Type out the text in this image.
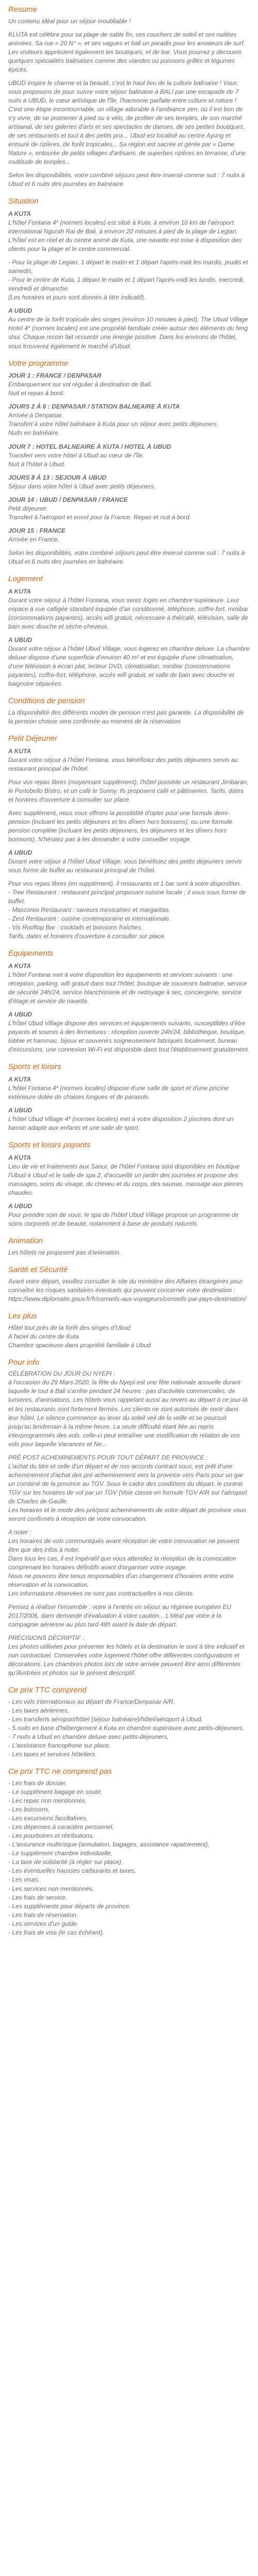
Resume

Un contenu idéal pour un séjour inoubliable !

KLUTA est célèbre pour sa plage de sable fin, ses couchers de soleil et ses nuitées animées. Sa rue « 20 N° », et ses vagues et bali un paradis pour les amateurs de surf. Les visiteurs apprécient également les boutiques, et de bar. Vous pourrez y découvrir quelques spécialités balinaises comme des viandes ou poissons grillés et légumes épicés.

UBUD inspire le charme et la beauté, c'est le haut lieu de la culture balinaise ! Vous vous proposons de pour suivre votre séjour balinaise à BALI par une escapade de 7 nuits à UBUD, le cœur artistique de l'île, l'harmonie parfaite entre culture et nature ! C'est une étape incontournable, un village adorable à l'ambiance zen, où il est bon de s'y vivre, de se promener à pied ou à vélo, de profiter de ses temples, de son marché artisanal, de ses galeries d'arts et ses spectacles de danses, de ses petites boutiques, de ses restaurants et tout à des petits prix... Ubud est localisé au centre Ayung et entouré de rizières, de forêt tropicales... Sa région est sacrée et gérée par « Dame Nature », entourée de petits villages d'artisans, de superbes rizières en terrasse, d'une multitude de temples...

Selon les disponibilités, votre combiné séjours peut être inversé comme suit : 7 nuits à Ubud et 6 nuits des journées en balnéaire.

Situation
A KUTA

L'hôtel Fontana 4* (normes locales) est situé à Kuta, à environ 10 km de l'aéroport international Ngurah Rai de Bali, à environ 20 minutes à pied de la plage de Legian. L'hôtel est en réel et du centre animé de Kuta, une navette est mise à disposition des clients pour la plage et le centre commercial.

- Pour la plage de Legian, 1 départ le matin et 1 départ l'après-midi les mardis, jeudis et samedis.
- Pour le centre de Kuta, 1 départ le matin et 1 départ l'après-midi les lundis, mercredi, vendredi et dimanche.
(Les horaires et jours sont donnés à titre indicatif).

A UBUD

Au centre de la forêt tropicale des singes (environ 10 minutes à pied), The Ubud Village Hotel 4* (normes locales) est une propriété familiale créée autour des éléments du feng shui. Chaque recoin fait ressentir une énergie positive. Dans les environs de l'hôtel, vous trouverez également le marché d'Ubud.

Votre programme
JOUR 1 : FRANCE / DENPASAR

Embarquement sur vol régulier à destination de Bali.
Nuit et repas à bord.

JOURS 2 À 6 : DENPASAR / STATION BALNEAIRE À KUTA

Arrivée à Denpasar.
Transfert à votre hôtel balnéaire à Kuta pour un séjour avec petits déjeuners.
Nuits en balnéaire.

JOUR 7 : HOTEL BALNEAIRE À KUTA / HOTEL À UBUD

Transfert vers votre hôtel à Ubud au cœur de l'île.
Nuit à l'hôtel à Ubud.

JOURS 8 À 13 : SEJOUR À UBUD

Séjour dans votre hôtel à Ubud avec petits déjeuners.

JOUR 14 : UBUD / DENPASAR / FRANCE

Petit déjeuner.
Transfert à l'aéroport et envol pour la France. Repas et nuit à bord.

JOUR 15 : FRANCE

Arrivée en France.

Selon les disponibilités, votre combiné séjours peut être inversé comme suit : 7 nuits à Ubud et 6 nuits des journées en balnéaire.

Logement
A KUTA

Durant votre séjour à l'hôtel Fontana, vous serez logés en chambre supérieure. Leur espace à vue calligée standard équipée d'air conditionné, téléphone, coffre-fort, minibar (consommations payantes), accès wifi gratuit, nécessaire à thé/café, télévision, salle de bain avec douche et sèche-cheveux.

A UBUD

Durant votre séjour à l'hôtel Ubud Village, vous logerez en chambre deluxe. La chambre deluxe dispose d'une superficie d'environ 40 m² et est équipée d'une climatisation, d'une télévision à écran plat, lecteur DVD, climatisation, minibar (consommations payantes), coffre-fort, téléphone, accès wifi gratuit, et salle de bain avec douche et baignoire séparées.

Conditions de pension

La disponibilité des différents modes de pension n'est pas garantie. La disponibilité de la pension choisie sera confirmée au moment de la réservation.

Petit Déjeuner
A KUTA

Durant votre séjour à l'hôtel Fontana, vous bénéficiez des petits déjeuners servis au restaurant principal de l'hôtel.

Pour vos repas libres (moyennant supplément), l'hôtel possède un restaurant Jimbaran, le Portobello Bistro, et un café le Sunny. Ils proposent café et pâtisseries. Tarifs, dates et horaires d'ouverture à consulter sur place.

Avec supplément, nous vous offrons la possibilité d'opter pour une formule demi-pension (incluant les petits déjeuners et les dîners hors boissons), ou une formule pension complète (incluant les petits déjeuners, les déjeuners et les dîners hors boissons). N'hésitez pas à les demander à votre conseiller voyage.

A UBUD

Durant votre séjour à l'hôtel Ubud Village, vous bénéficiez des petits déjeuners servis sous forme de buffet au restaurant principal de l'hôtel.

Pour vos repas libres (en supplément), il restaurants et 1 bar sont à votre disposition.
- Tree Restaurant : restaurant principal proposant cuisine locale ; il vous sous forme de buffet.
- Mascoreo Restaurant : saveurs mexicaines et margaritas.
- Zest Restaurant : cuisine contemporaine et internationale.
- Vis Rooftop Bar : cocktails et boissons fraîches.
Tarifs, dates et horaires d'ouverture à consulter sur place.

Equipements
A KUTA

L'hôtel Fontana met à votre disposition les équipements et services suivants : une réception, parking, wifi gratuit dans tout l'hôtel, boutique de souvenirs balinaise, service de sécurité 24h/24, service blanchisserie et de nettoyage à sec, conciergerie, service d'étage et service de navette.

A UBUD

L'hôtel Ubud Village dispose des services et équipements suivants, susceptibles d'être payants et soumis à des fermetures : réception ouverte 24h/24, bibliothèque, boutique, lobbie et hammac, bijoux et souvenirs soigneusement fabriqués localement, bureau d'excursions, une connexion Wi-Fi est disponible dans tout l'établissement gratuitement.

Sports et loisirs
A KUTA

L'hôtel Fontana 4* (normes locales) dispose d'une salle de sport et d'une piscine extérieure dotée de chaises longues et de parasols.

A UBUD

L'hôtel Ubud Village 4* (normes locales) met à votre disposition 2 piscines dont un bassin adapté aux enfants et une salle de sport.

Sports et loisirs payants
A KUTA

Lieu de vie et traitements aux Sanur, de l'hôtel Fontana sont disponibles en boutique l'Ubud à Ubud et le salle de spa 2, d'accueillir un jardin des journées et propose des massages, soins du visage, du cheveu et du corps, des saunas, massage aux pierres chaudes.

A UBUD

Pour prendre soin de vous, le spa de l'hôtel Ubud Village propose un programme de soins corporels et de beauté, notamment à base de produits naturels.

Animation

Les hôtels ne proposent pas d'animation.

Santé et Sécurité

Avant votre départ, veuillez consulter le site du ministère des Affaires étrangères pour connaître les risques sanitaires éventuels qui peuvent concerner votre destination : https://www.diplomatie.gouv.fr/fr/conseils-aux-voyageurs/conseils-par-pays-destination/

Les plus

Hôtel tout près de la forêt des singes d'Ubud
A faciel du centre de Kuta
Chambre spacieuse dans propriété familiale à Ubud

Pour info

CÉLÉBRATION DU JOUR DU NYEPI :
à l'occasion du 29 Mars 2020, la fête du Nyepi est une fête nationale annuelle durant laquelle le tout à Bali s'arrête pendant 24 heures : pas d'activités commerciales, de lumières, d'animations. Les hôtels vous rappelant aussi au revers au départ à ce jour-là et les restaurants sont fortement fermés. Les clients ne sont autorisés de sortir dans leur hôtel. Le silence commence au lever du soleil veil de la veille et se poursuit jusqu'au lendemain à la même heure. La seule difficulté étant liée au repris interprogrammés des vols, celle-ci peut entraîner une modification de relation de vos vols pour laquelle Vacances et Ne...

PRÉ POST ACHEMINEMENTS POUR TOUT DÉPART DE PROVINCE :
L'achat du titre et celle d'un départ et de nos accords contract sous, est prêt d'une acheminement d'achat des pré-acheminement vers la province vers Paris pour un gar un combiné de la province au TGV. Sous le cadre des conditions du départ, le contrat TGV sur les horaires de vol par un TGV (Voie classe en formule TGV AIR sur l'aéroport de Charles de Gaulle.
Les horaires et le mode des pré/post acheminements de votre départ de province vous seront confirmés à réception de votre convocation.

A noter :
Les horaires de vols communiqués avant réception de votre convocation ne peuvent être que des infos à noter.
Dans tous les cas, il est impératif que vous attendiez la réception de la convocation comprenant les horaires définitifs avant d'organiser votre voyage.
Nous ne pouvons être tenus responsables d'un changement d'horaires entre votre réservation et la convocation.
Les informations réservées ne sont pas contractuelles à nos clients.

Pensez à réaliser l'ensemble : votre à l'entrée en séjour au régimee européen EU 2017/2006, dans demande d'évaluation à votre caution... L'idéal par votre à la compagnie aérienne au plus tard 48h avant la date de départ.

PRÉCISIONS DÉCRIPTIF :
Les photos utilisées pour présenter les hôtels et la destination le sont à titre indicatif et non contractuel. Conservées votre logement l'hôtel offre différentes configurations et décorations. Les chambres photos lors de votre arrivée peuvent être ainsi différentes qu'illustrées et photos sur le présent descriptif.

Ce prix TTC comprend
- Les vols internationaux au départ de France/Denpasar A/R,
- Les taxes aériennes,
- Les transferts aéroport/hôtel (séjour balnéaire)/hôtel/aéroport à Ubud,
- 5 nuits en base d'hébergement à Kuta en chambre supérieure avec petits-déjeuners,
- 7 nuits à Ubud en chambre deluxe avec petits-déjeuners,
- L'assistance francophone sur place,
- Les taxes et services hôteliers.
Ce prix TTC ne comprend pas
- Les frais de dossier,
- Le supplément bagage en soute,
- Les repas non mentionnés,
- Les boissons,
- Les excursions facultatives,
- Les dépenses à caractère personnel,
- Les pourboires et rétributions,
- L'assurance multirisque (annulation, bagages, assistance rapatriement),
- Le supplément chambre individuelle,
- La taxe de solidarité (à régler sur place),
- Les éventuelles hausses carburants et taxes,
- Les visas,
- Les services non mentionnés,
- Les frais de service.
- Les suppléments pour départs de province.
- Les frais de réservation.
- Les services d'un guide.
- Les frais de visa (le cas échéant).
